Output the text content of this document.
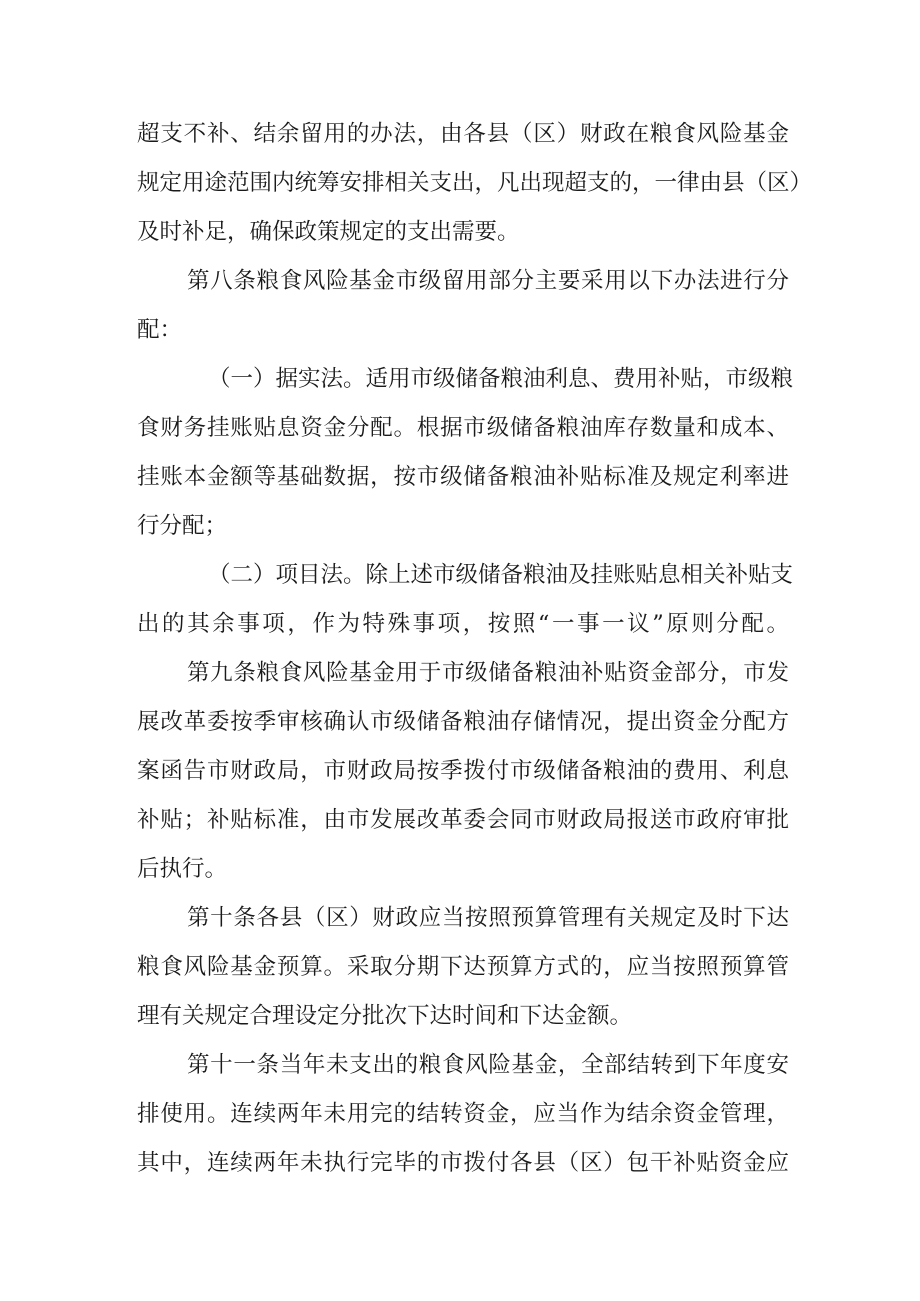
超支不补、结余留用的办法，由各县（区）财政在粮食风险基金
规定用途范围内统筹安排相关支出，凡出现超支的，一律由县（区）
及时补足，确保政策规定的支出需要。
第八条粮食风险基金市级留用部分主要采用以下办法进行分
配：
（一）据实法。适用市级储备粮油利息、费用补贴，市级粮
食财务挂账贴息资金分配。根据市级储备粮油库存数量和成本、
挂账本金额等基础数据，按市级储备粮油补贴标准及规定利率进
行分配；
（二）项目法。除上述市级储备粮油及挂账贴息相关补贴支
出的其余事项，作为特殊事项，按照“一事一议”原则分配。
第九条粮食风险基金用于市级储备粮油补贴资金部分，市发
展改革委按季审核确认市级储备粮油存储情况，提出资金分配方
案函告市财政局，市财政局按季拨付市级储备粮油的费用、利息
补贴；补贴标准，由市发展改革委会同市财政局报送市政府审批
后执行。
第十条各县（区）财政应当按照预算管理有关规定及时下达
粮食风险基金预算。采取分期下达预算方式的，应当按照预算管
理有关规定合理设定分批次下达时间和下达金额。
第十一条当年未支出的粮食风险基金，全部结转到下年度安
排使用。连续两年未用完的结转资金，应当作为结余资金管理，
其中，连续两年未执行完毕的市拨付各县（区）包干补贴资金应
